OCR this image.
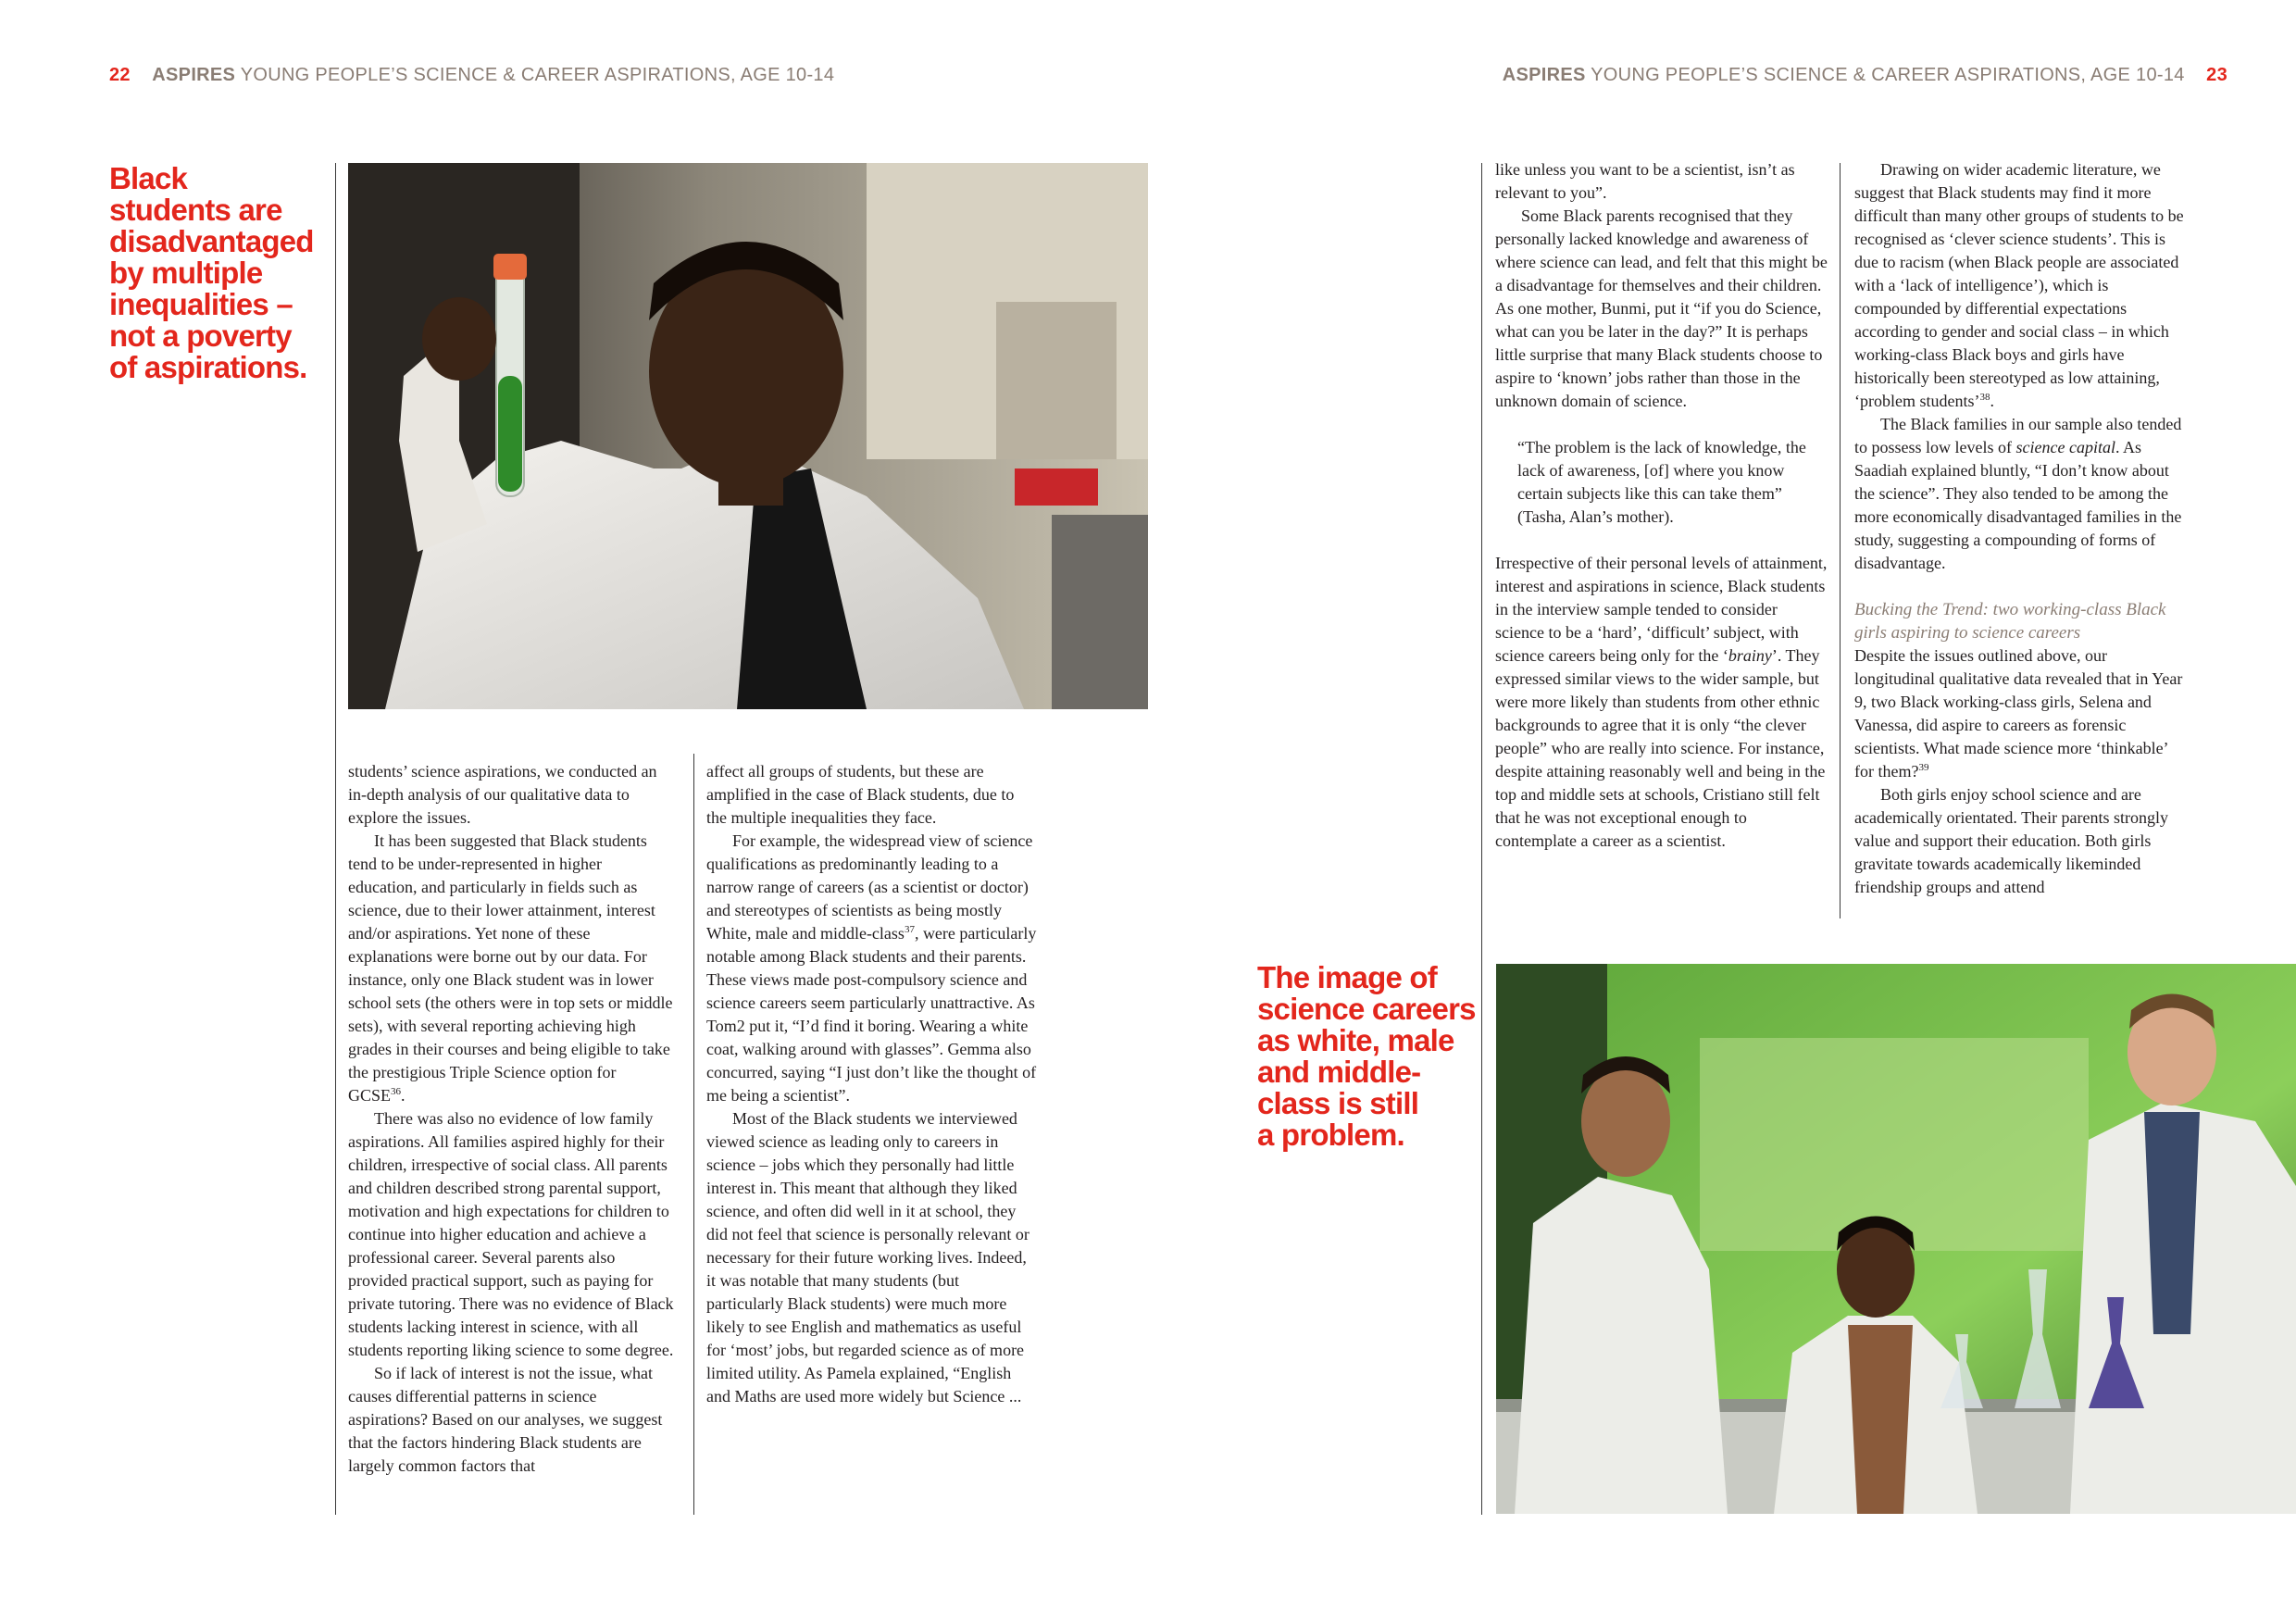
22 ASPIRES YOUNG PEOPLE’S SCIENCE & CAREER ASPIRATIONS, AGE 10-14	ASPIRES YOUNG PEOPLE’S SCIENCE & CAREER ASPIRATIONS, AGE 10-14 23
Black
students are
disadvantaged
by multiple
inequalities –
not a poverty
of aspirations.
The image of
science careers
as white, male
and middle-
class is still
a problem.

students’ science aspirations, we conducted an in-depth analysis of our qualitative data to explore the issues.

It has been suggested that Black students tend to be under-represented in higher education, and particularly in fields such as science, due to their lower attainment, interest and/or aspirations. Yet none of these explanations were borne out by our data. For instance, only one Black student was in lower school sets (the others were in top sets or middle sets), with several reporting achieving high grades in their courses and being eligible to take the prestigious Triple Science option for GCSE$^{36}$.

There was also no evidence of low family aspirations. All families aspired highly for their children, irrespective of social class. All parents and children described strong parental support, motivation and high expectations for children to continue into higher education and achieve a professional career. Several parents also provided practical support, such as paying for private tutoring. There was no evidence of Black students lacking interest in science, with all students reporting liking science to some degree.

So if lack of interest is not the issue, what causes differential patterns in science aspirations? Based on our analyses, we suggest that the factors hindering Black students are largely common factors that

affect all groups of students, but these are amplified in the case of Black students, due to the multiple inequalities they face.

For example, the widespread view of science qualifications as predominantly leading to a narrow range of careers (as a scientist or doctor) and stereotypes of scientists as being mostly White, male and middle-class$^{37}$, were particularly notable among Black students and their parents. These views made post-compulsory science and science careers seem particularly unattractive. As Tom2 put it, “I’d find it boring. Wearing a white coat, walking around with glasses”. Gemma also concurred, saying “I just don’t like the thought of me being a scientist”.

Most of the Black students we interviewed viewed science as leading only to careers in science – jobs which they personally had little interest in. This meant that although they liked science, and often did well in it at school, they did not feel that science is personally relevant or necessary for their future working lives. Indeed, it was notable that many students (but particularly Black students) were much more likely to see English and mathematics as useful for ‘most’ jobs, but regarded science as of more limited utility. As Pamela explained, “English and Maths are used more widely but Science ...

like unless you want to be a scientist, isn’t as relevant to you”.

Some Black parents recognised that they personally lacked knowledge and awareness of where science can lead, and felt that this might be a disadvantage for themselves and their children. As one mother, Bunmi, put it “if you do Science, what can you be later in the day?” It is perhaps little surprise that many Black students choose to aspire to ‘known’ jobs rather than those in the unknown domain of science.

“The problem is the lack of knowledge, the lack of awareness, [of] where you know certain subjects like this can take them” (Tasha, Alan’s mother).

Irrespective of their personal levels of attainment, interest and aspirations in science, Black students in the interview sample tended to consider science to be a ‘hard’, ‘difficult’ subject, with science careers being only for the ‘brainy’. They expressed similar views to the wider sample, but were more likely than students from other ethnic backgrounds to agree that it is only “the clever people” who are really into science. For instance, despite attaining reasonably well and being in the top and middle sets at schools, Cristiano still felt that he was not exceptional enough to contemplate a career as a scientist.

Drawing on wider academic literature, we suggest that Black students may find it more difficult than many other groups of students to be recognised as ‘clever science students’. This is due to racism (when Black people are associated with a ‘lack of intelligence’), which is compounded by differential expectations according to gender and social class – in which working-class Black boys and girls have historically been stereotyped as low attaining, ‘problem students’$^{38}$.

The Black families in our sample also tended to possess low levels of science capital. As Saadiah explained bluntly, “I don’t know about the science”. They also tended to be among the more economically disadvantaged families in the study, suggesting a compounding of forms of disadvantage.

Bucking the Trend: two working-class Black girls aspiring to science careers

Despite the issues outlined above, our longitudinal qualitative data revealed that in Year 9, two Black working-class girls, Selena and Vanessa, did aspire to careers as forensic scientists. What made science more ‘thinkable’ for them?$^{39}$

Both girls enjoy school science and are academically orientated. Their parents strongly value and support their education. Both girls gravitate towards academically likeminded friendship groups and attend
